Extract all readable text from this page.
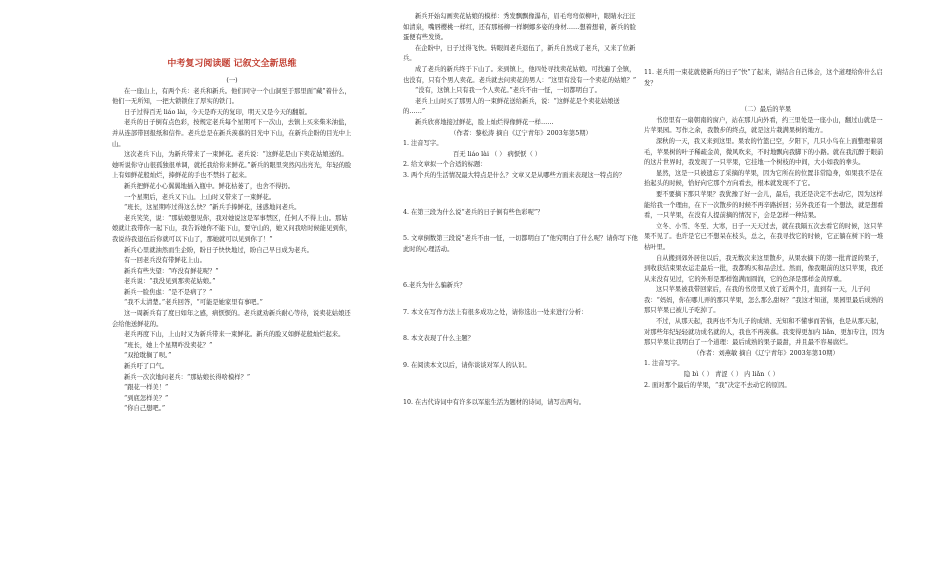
中考复习阅读题 记叙文全新思维

(一)

在一座山上，有两个兵：老兵和新兵。他们同守一个山洞至于那里面“藏”着什么，他们一无所知，一把大锁锁住了厚实的铁门。

日子过得百无 liáo lài，今天是昨天的复印，明天又是今天的翻版。

老兵的日子倒有点色彩，按规定老兵每个星期可下一次山，去镇上买来柴米油盐，并从连部带回报纸和信件。老兵总是在新兵羡慕的目光中下山，在新兵企盼的目光中上山。

这次老兵下山，为新兵带来了一束鲜花。老兵说：“这鲜花是山下卖花姑娘送的。她听说你守山很孤独很单调，就托我给你来鲜花。”新兵的眼里突然闪出亮光，年轻的脸上有如鲜花般灿烂，捧鲜花的手也不禁抖了起来。

新兵把鲜花小心翼翼地插入瓶中。鲜花枯萎了，也舍不得扔。

一个星期后，老兵又下山。上山时又带来了一束鲜花。

“班长，这星期咋过得这么快？”新兵手捧鲜花，迷惑地问老兵。

老兵笑笑，说：“那姑娘想见你，我对她说这是军事禁区，任何人不得上山。那姑娘就让我带你一起下山，我告诉她你不能下山，要守山的，她又问我啥时候能见到你，我说待我退伍后你就可以下山了，那她就可以见到你了！”

新兵心里就油然而生企盼，盼日子快快地过，盼自己早日成为老兵。

有一回老兵没有带鲜花上山。

新兵有些失望：“咋没有鲜花呢？”

老兵说：“我没见到那卖花姑娘。”

新兵一脸焦虑：“是不是病了？”

“我不太清楚。”老兵回答，“可能是她家里有事吧。”

这一周新兵有了度日如年之感，病恹恹的。老兵就劝新兵耐心等待，说卖花姑娘还会给他送鲜花的。

老兵再度下山，上山时又为新兵带来一束鲜花。新兵的脸又如鲜花般灿烂起来。

“班长，她上个星期咋没卖花？”

“双抢耽搁了呗。”

新兵吁了口气。

新兵一次次地问老兵：“那姑娘长得啥模样？”

“跟花一样美！”

“到底怎样美？”

“你自己想吧。”

新兵开始勾画卖花姑娘的模样：秀发飘飘像瀑布，眉毛弯弯似柳叶，眼睛水汪汪如清泉，嘴唇樱桃一样红，还有那杨柳一样婀娜多姿的身材……想着想着，新兵的脸蛋便有些发烫。

在企盼中，日子过得飞快。转眼间老兵退伍了，新兵自然成了老兵，又来了位新兵。

成了老兵的新兵终于下山了。来到镇上，他四处寻找卖花姑娘。可找遍了全镇，也没有，只有个男人卖花。老兵就去问卖花的男人：“这里有没有一个卖花的姑娘？”

“没有，这镇上只有我一个人卖花。”老兵不由一怔，一切都明白了。

老兵上山时买了那男人的一束鲜花送给新兵，说：“这鲜花是个卖花姑娘送的……”

新兵欣喜地接过鲜花，脸上灿烂得像鲜花一样……

（作者：黎松涛 摘自《辽宁青年》2003年第5期）

1. 注音写字。

百无 liáo lài （ ） 病恹恹（ ）

2. 给文章拟一个合适的标题：

3. 两个兵的生活情况最大特点是什么？文章又是从哪些方面来表现这一特点的？

4. 在第三段为什么说“老兵的日子倒有些色彩呢”？

5. 文章倒数第三段说“老兵不由一怔，一切都明白了”他究明白了什么呢？请你写下他此时的心理活动。

6.老兵为什么骗新兵？

7. 本文在写作方法上有很多成功之处，请你选出一处来进行分析：

8. 本文表现了什么主题？

9. 在阅读本文以后，请你谈谈对军人的认识。

10. 在古代诗词中有许多以军旅生活为题材的诗词，请写出两句。

11. 老兵用一束花就使新兵的日子“快”了起来，请结合自己体会，这个道理给你什么启发？

（二）最后的苹果

书房里有一扇朝南的窗户，站在那儿向外看，约三里处是一座小山，翻过山就是一片苹果园。写作之余，我散步的终点，就是这片栽满果树的地方。

深秋的一天，我又来到这里。果农的竹篮已空，夕阳下，几只小鸟在上面整理着羽毛，苹果树的叶子稀疏金黄，微风吹来，不时地飘向我脚下的小路。就在我沉醉于眼前的这片世界时，我发现了一只苹果，它挂地一个树枝的中间，大小如我的拳头。

显然，这是一只被遗忘了采摘的苹果，因为它所在的位置非常隐身，如果我不是在抬起头的时候，恰好向它那个方向看去，根本就发现不了它。

要不要摘下那只苹果？我犹豫了好一会儿，最后，我还是决定不去动它，因为这样能给我一个理由，在下一次散步的时候不再辛路折回；另外我还有一个想法，就是想看看，一只苹果，在没有人提前摘的情况下，会是怎样一种结果。

立冬、小雪、冬至、大寒，日子一天天过去，就在我隔五次去看它的时候，这只苹果不见了。也许是它已不想呆在枝头，总之，在我寻找它的时候，它正躺在树下的一堆枯叶里。

自从搬到郊外居住以后，我无数次来这里散步，从果农摘下的第一批青涩的果子，到收获结束果农运走最后一批，我都购买和品尝过。然而，像我眼前的这只苹果，我还从来没有见过，它的外形是那样饱满而圆润，它的色泽是那样金黄厚重。

这只苹果被我带回家后，在我的书房里又放了近两个月，直到有一天，儿子问我：“妈妈，你在哪儿弄的那只苹果，怎么那么甜呀？”我这才知道，果园里最后成熟的那只苹果已被儿子吃掉了。

不过，从那天起，我再也不为儿子的成绩、无知和不懂事而苦恼，也是从那天起，对那些年纪轻轻就功成名就的人，我也不再羡慕。我变得更加内 liǎn、更加专注，因为那只苹果让我明白了一个道理：最后成熟的果子最甜，并且最不容易腐烂。

（作者：刘燕敏 摘自《辽宁青年》2003年第10期）

1. 注音写字。

隐 bì（ ） 青涩（ ） 内 liǎn（ ）

2. 面对那个最后的苹果，“我”决定不去动它的原因。
